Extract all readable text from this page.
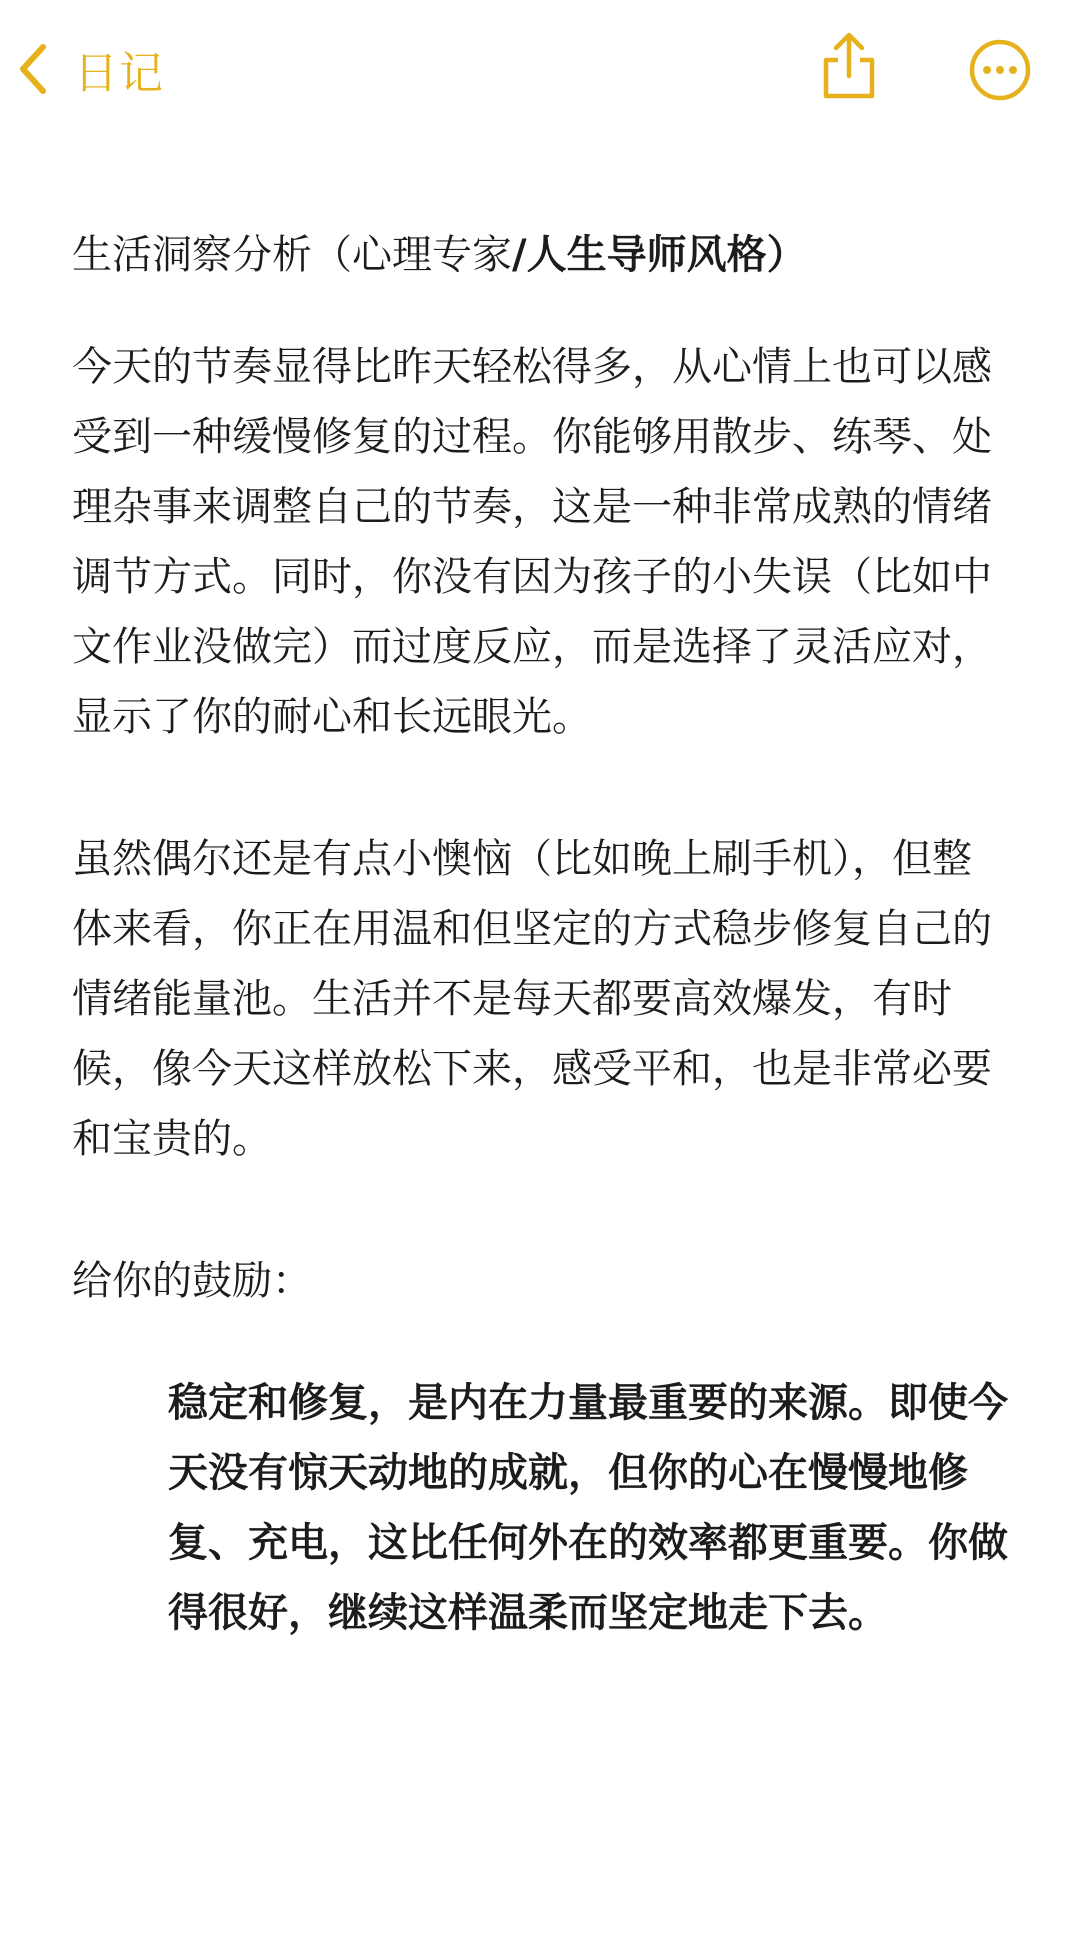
日记
生活洞察分析（心理专家/人生导师风格）
今天的节奏显得比昨天轻松得多，从心情上也可以感受到一种缓慢修复的过程。你能够用散步、练琴、处理杂事来调整自己的节奏，这是一种非常成熟的情绪调节方式。同时，你没有因为孩子的小失误（比如中文作业没做完）而过度反应，而是选择了灵活应对，显示了你的耐心和长远眼光。
虽然偶尔还是有点小懊恼（比如晚上刷手机），但整体来看，你正在用温和但坚定的方式稳步修复自己的情绪能量池。生活并不是每天都要高效爆发，有时候，像今天这样放松下来，感受平和，也是非常必要和宝贵的。
给你的鼓励：
稳定和修复，是内在力量最重要的来源。即使今天没有惊天动地的成就，但你的心在慢慢地修复、充电，这比任何外在的效率都更重要。你做得很好，继续这样温柔而坚定地走下去。
